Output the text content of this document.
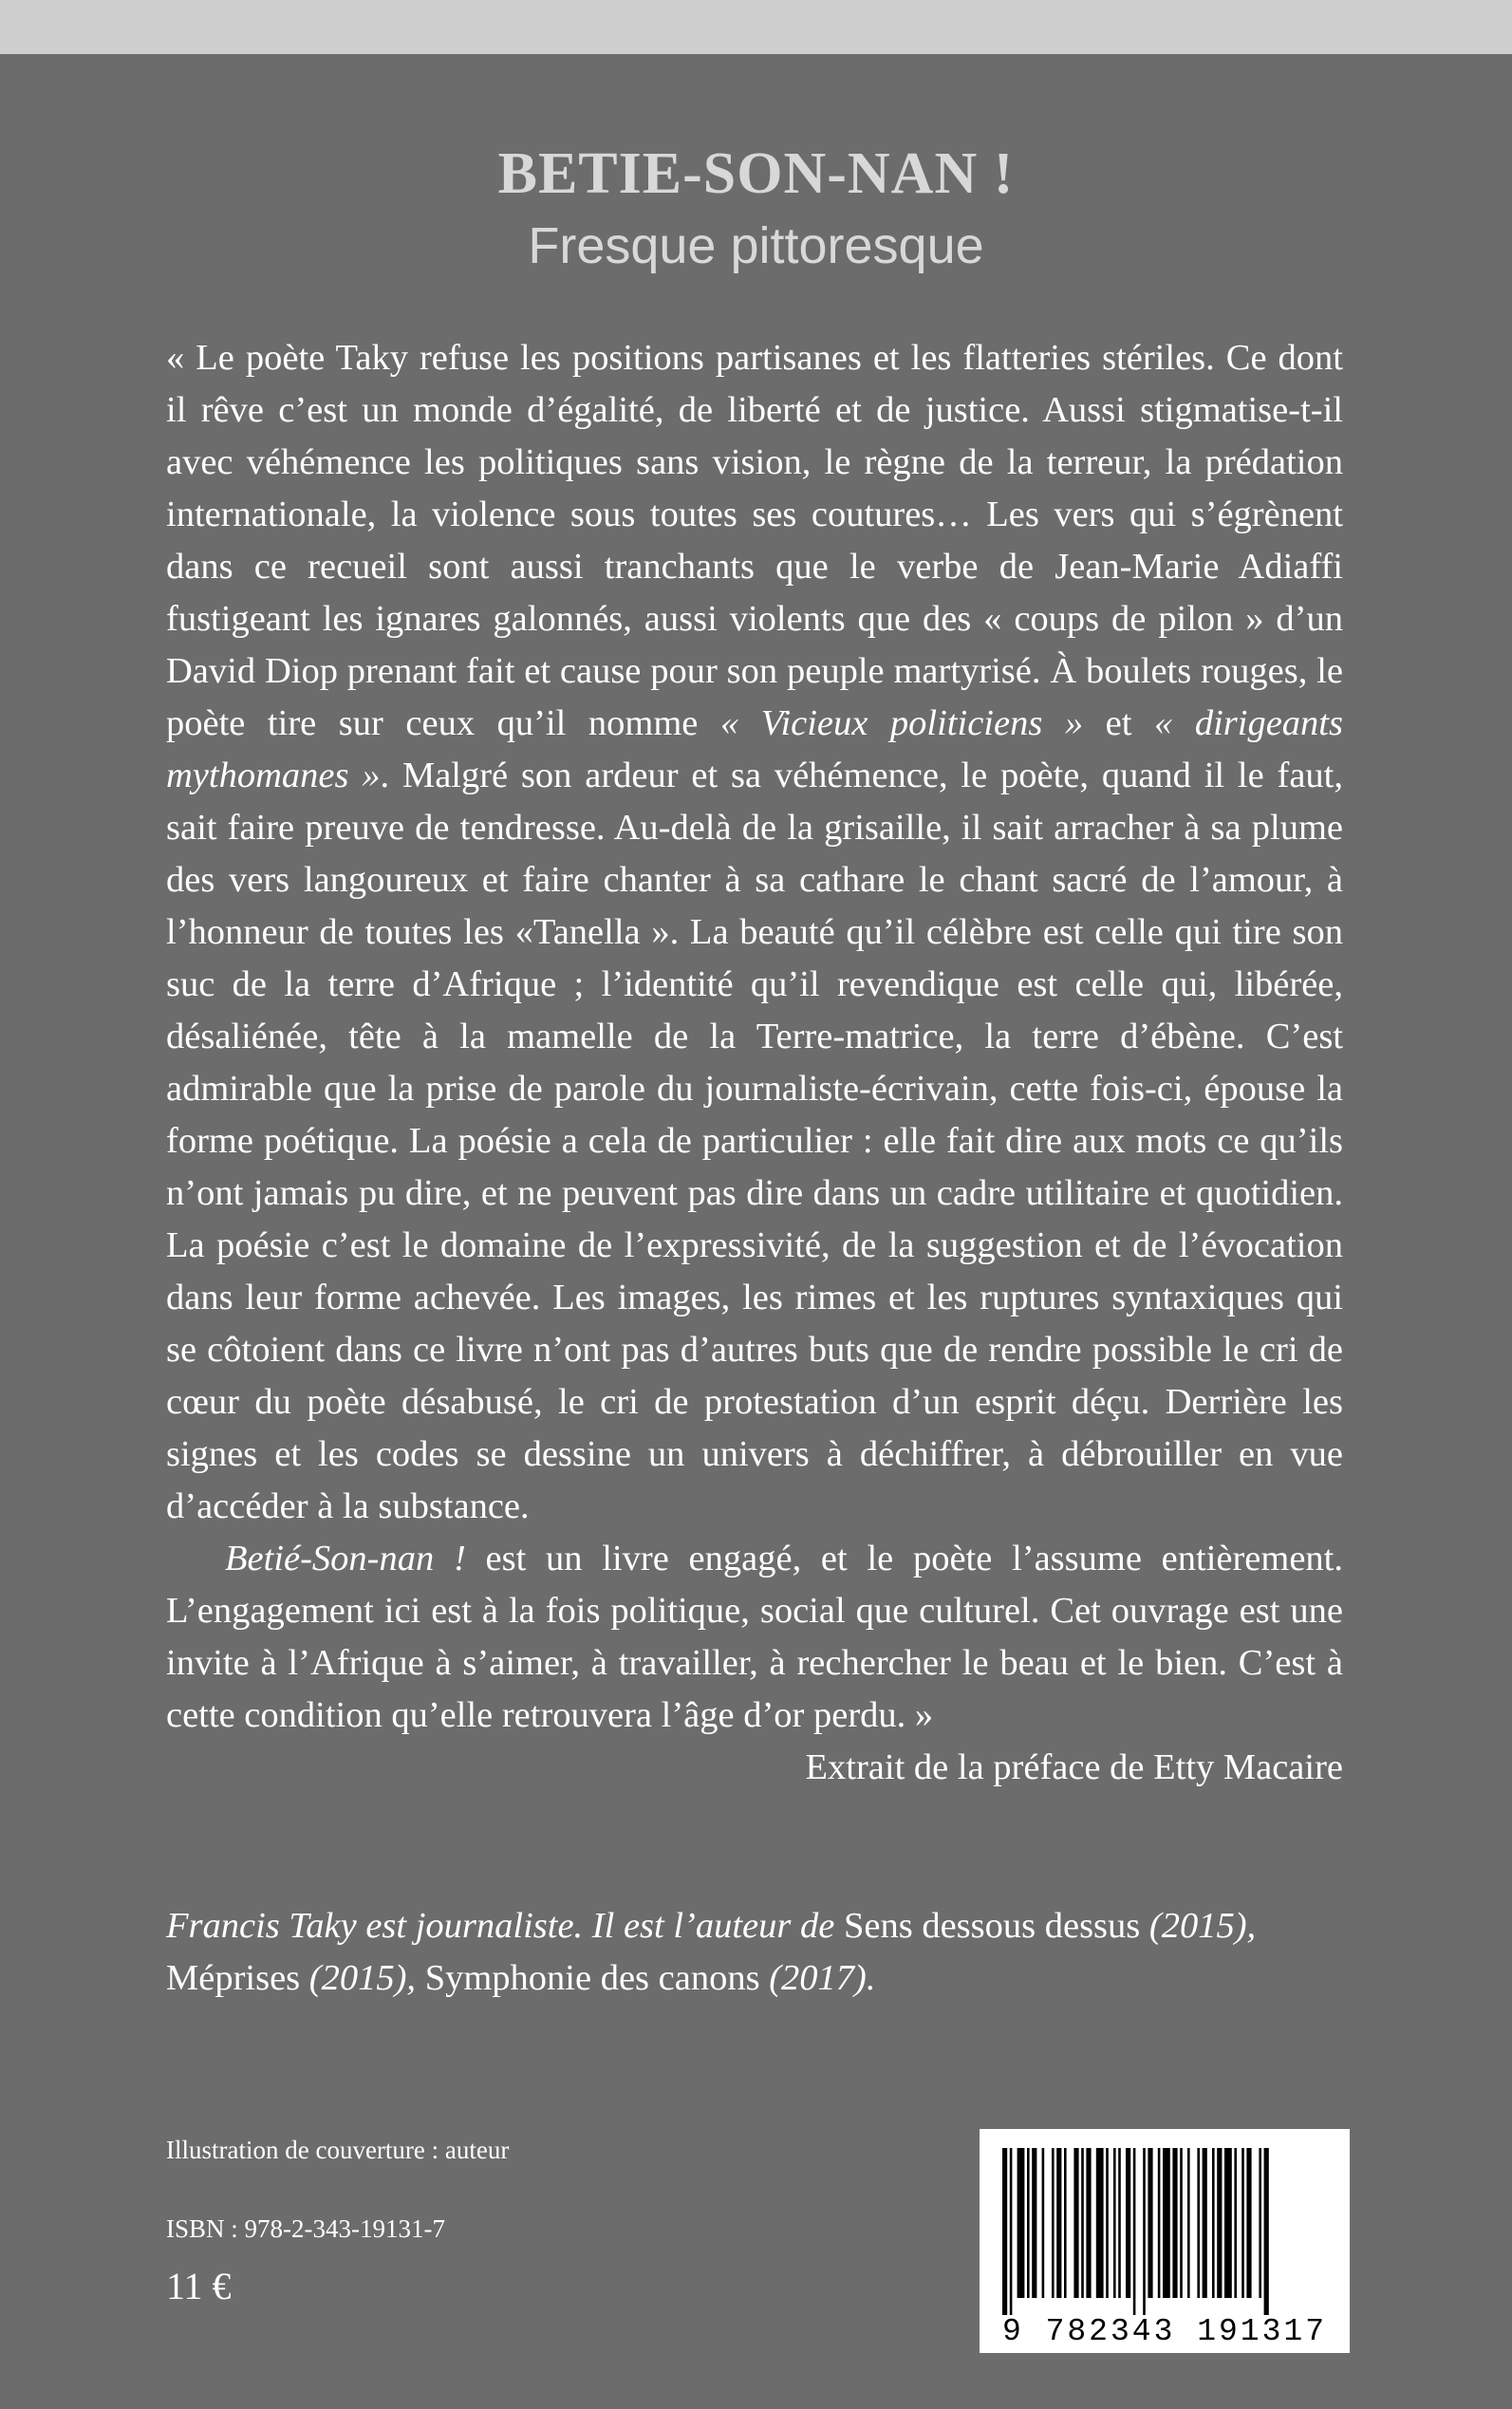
BETIE-SON-NAN !
Fresque pittoresque

« Le poète Taky refuse les positions partisanes et les flatteries stériles. Ce dont il rêve c’est un monde d’égalité, de liberté et de justice. Aussi stigmatise-t-il avec véhémence les politiques sans vision, le règne de la terreur, la prédation internationale, la violence sous toutes ses coutures… Les vers qui s’égrènent dans ce recueil sont aussi tranchants que le verbe de Jean-Marie Adiaffi fustigeant les ignares galonnés, aussi violents que des « coups de pilon » d’un David Diop prenant fait et cause pour son peuple martyrisé. À boulets rouges, le poète tire sur ceux qu’il nomme « Vicieux politiciens » et « dirigeants mythomanes ». Malgré son ardeur et sa véhémence, le poète, quand il le faut, sait faire preuve de tendresse. Au-delà de la grisaille, il sait arracher à sa plume des vers langoureux et faire chanter à sa cathare le chant sacré de l’amour, à l’honneur de toutes les «Tanella ». La beauté qu’il célèbre est celle qui tire son suc de la terre d’Afrique ; l’identité qu’il revendique est celle qui, libérée, désaliénée, tête à la mamelle de la Terre-matrice, la terre d’ébène. C’est admirable que la prise de parole du journaliste-écrivain, cette fois-ci, épouse la forme poétique. La poésie a cela de particulier : elle fait dire aux mots ce qu’ils n’ont jamais pu dire, et ne peuvent pas dire dans un cadre utilitaire et quotidien. La poésie c’est le domaine de l’expressivité, de la suggestion et de l’évocation dans leur forme achevée. Les images, les rimes et les ruptures syntaxiques qui se côtoient dans ce livre n’ont pas d’autres buts que de rendre possible le cri de cœur du poète désabusé, le cri de protestation d’un esprit déçu. Derrière les signes et les codes se dessine un univers à déchiffrer, à débrouiller en vue d’accéder à la substance.

Betié-Son-nan ! est un livre engagé, et le poète l’assume entièrement. L’engagement ici est à la fois politique, social que culturel. Cet ouvrage est une invite à l’Afrique à s’aimer, à travailler, à rechercher le beau et le bien. C’est à cette condition qu’elle retrouvera l’âge d’or perdu. »

Extrait de la préface de Etty Macaire

Francis Taky est journaliste. Il est l’auteur de Sens dessous dessus (2015), Méprises (2015), Symphonie des canons (2017).
Illustration de couverture : auteur
ISBN : 978-2-343-19131-7
11 €
9 782343 191317
